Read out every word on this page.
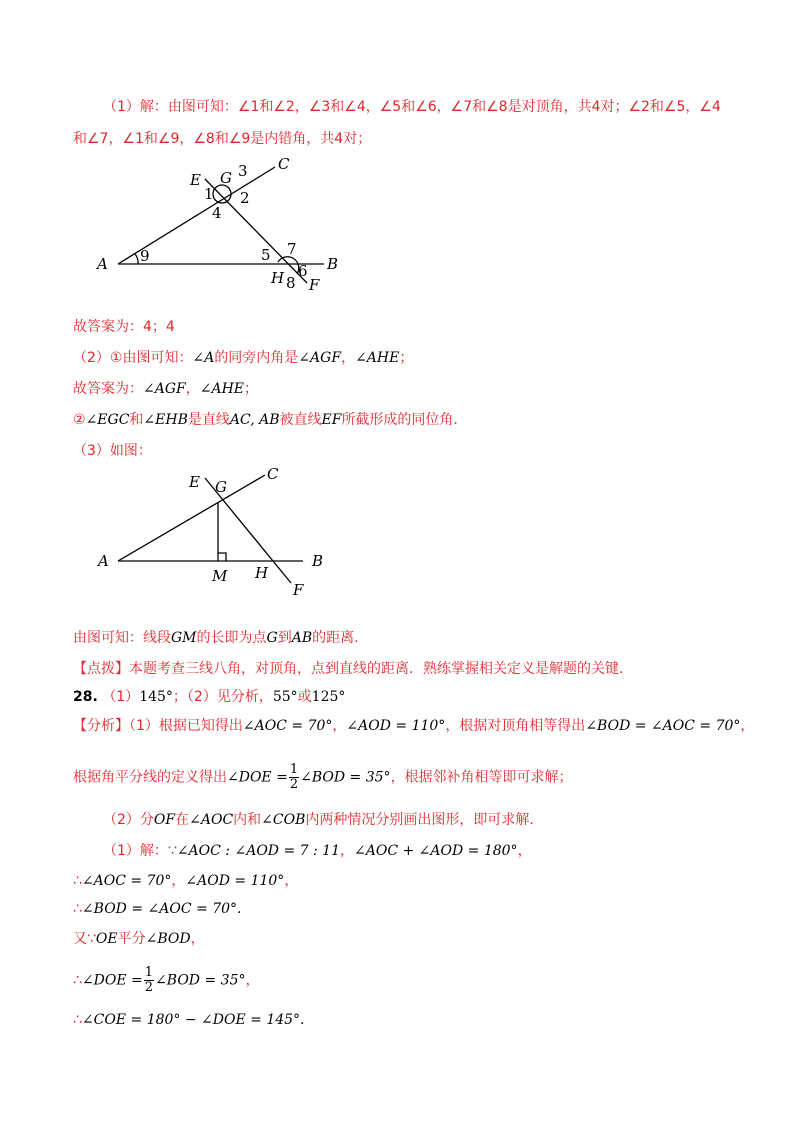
（1）解：由图可知：∠1和∠2，∠3和∠4，∠5和∠6，∠7和∠8是对顶角，共4对；∠2和∠5，∠4
和∠7，∠1和∠9，∠8和∠9是内错角，共4对；
A	B
C
E
F
G
H
1 2
3
4
5
6
7
8
9
故答案为：4；4
（2）①由图可知：∠A的同旁内角是∠AGF，∠AHE；
故答案为：∠AGF，∠AHE；
②∠EGC和∠EHB是直线AC, AB被直线EF所截形成的同位角.
（3）如图：
A	B
C
E
F
G
H
M
由图可知：线段GM的长即为点G到AB的距离.
【点拨】本题考查三线八角，对顶角，点到直线的距离．熟练掌握相关定义是解题的关键．
28. （1）145°；（2）见分析，55°或125°
【分析】（1）根据已知得出∠AOC = 70°，∠AOD = 110°，根据对顶角相等得出∠BOD = ∠AOC = 70°，
根据角平分线的定义得出∠DOE = $\frac{1}{2}$ ∠BOD = 35°，根据邻补角相等即可求解；
（2）分OF在∠AOC内和∠COB内两种情况分别画出图形，即可求解.
（1）解：∵∠AOC : ∠AOD = 7 : 11，∠AOC + ∠AOD = 180°，
∴∠AOC = 70°，∠AOD = 110°，
∴∠BOD = ∠AOC = 70°.
又∵OE平分∠BOD，
∴∠DOE = $\frac{1}{2}$ ∠BOD = 35°，
∴∠COE = 180° − ∠DOE = 145°.
